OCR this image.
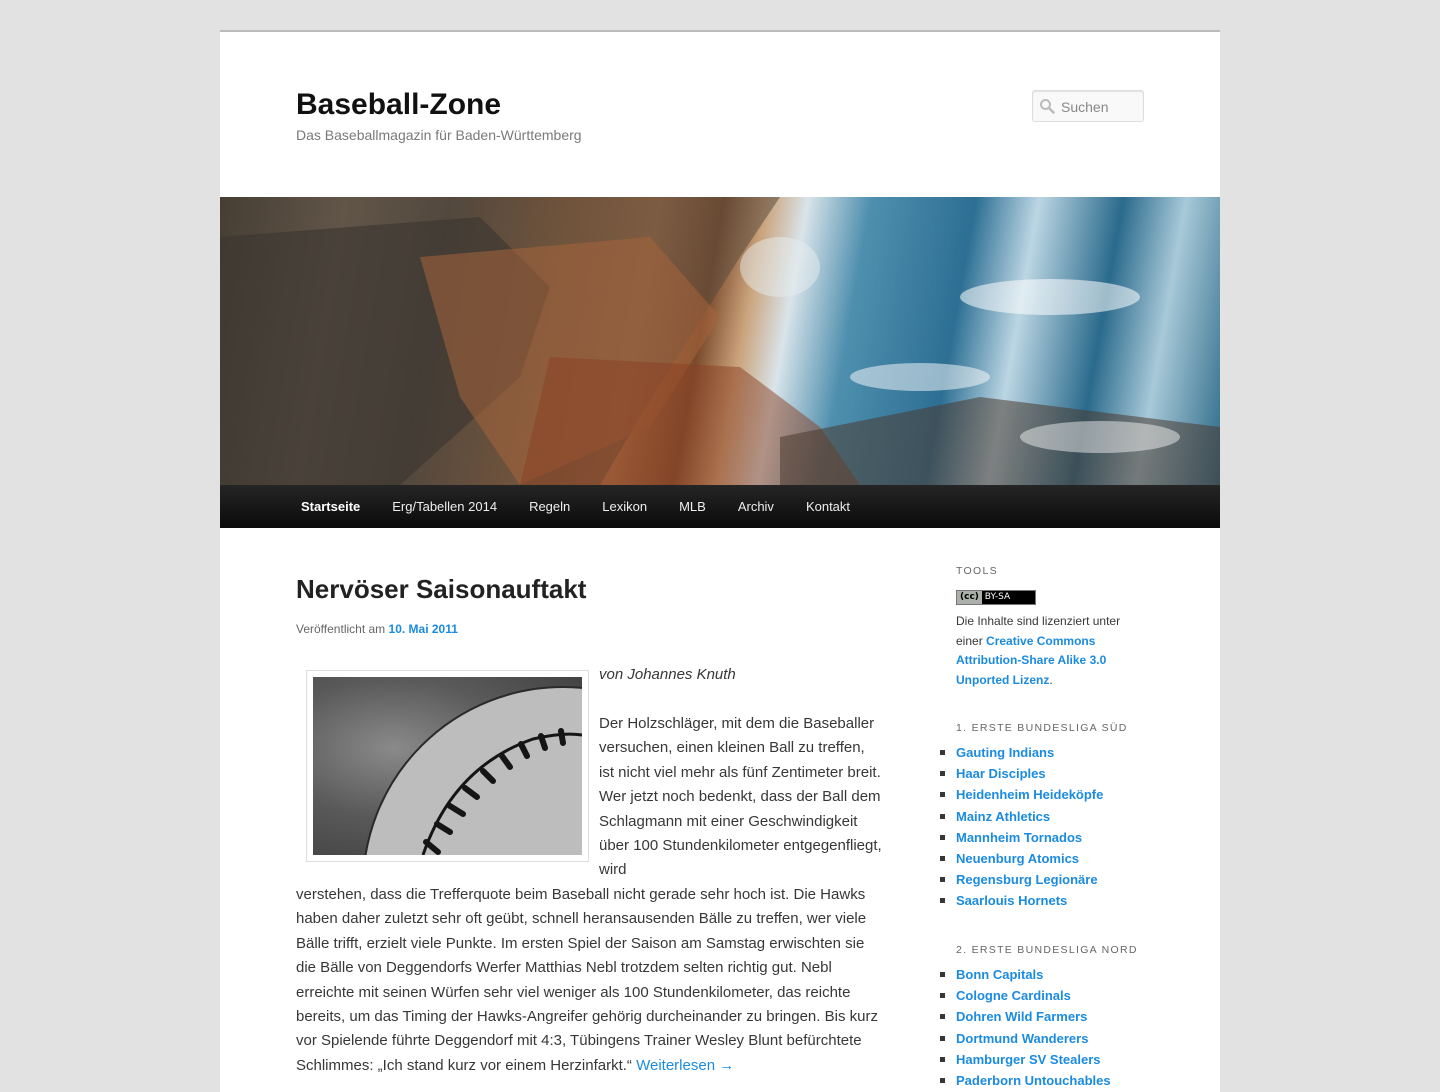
Baseball-Zone

Das Baseballmagazin für Baden-Württemberg

Suchen
Startseite	Erg/Tabellen 2014	Regeln	Lexikon	MLB	Archiv	Kontakt
Nervöser Saisonauftakt
Veröffentlicht am 10. Mai 2011
von Johannes Knuth
Der Holzschläger, mit dem die Baseballer versuchen, einen kleinen Ball zu treffen, ist nicht viel mehr als fünf Zentimeter breit. Wer jetzt noch bedenkt, dass der Ball dem Schlagmann mit einer Geschwindigkeit über 100 Stundenkilometer entgegenfliegt, wird
verstehen, dass die Trefferquote beim Baseball nicht gerade sehr hoch ist. Die Hawks haben daher zuletzt sehr oft geübt, schnell heransausenden Bälle zu treffen, wer viele Bälle trifft, erzielt viele Punkte. Im ersten Spiel der Saison am Samstag erwischten sie die Bälle von Deggendorfs Werfer Matthias Nebl trotzdem selten richtig gut. Nebl erreichte mit seinen Würfen sehr viel weniger als 100 Stundenkilometer, das reichte bereits, um das Timing der Hawks-Angreifer gehörig durcheinander zu bringen. Bis kurz vor Spielende führte Deggendorf mit 4:3, Tübingens Trainer Wesley Blunt befürchtete Schlimmes: „Ich stand kurz vor einem Herzinfarkt.“ Weiterlesen →
TOOLS
(cc) BY-SA
Die Inhalte sind lizenziert unter einer Creative Commons Attribution-Share Alike 3.0 Unported Lizenz.
1. ERSTE BUNDESLIGA SÜD
Gauting Indians
Haar Disciples
Heidenheim Heideköpfe
Mainz Athletics
Mannheim Tornados
Neuenburg Atomics
Regensburg Legionäre
Saarlouis Hornets
2. ERSTE BUNDESLIGA NORD
Bonn Capitals
Cologne Cardinals
Dohren Wild Farmers
Dortmund Wanderers
Hamburger SV Stealers
Paderborn Untouchables
